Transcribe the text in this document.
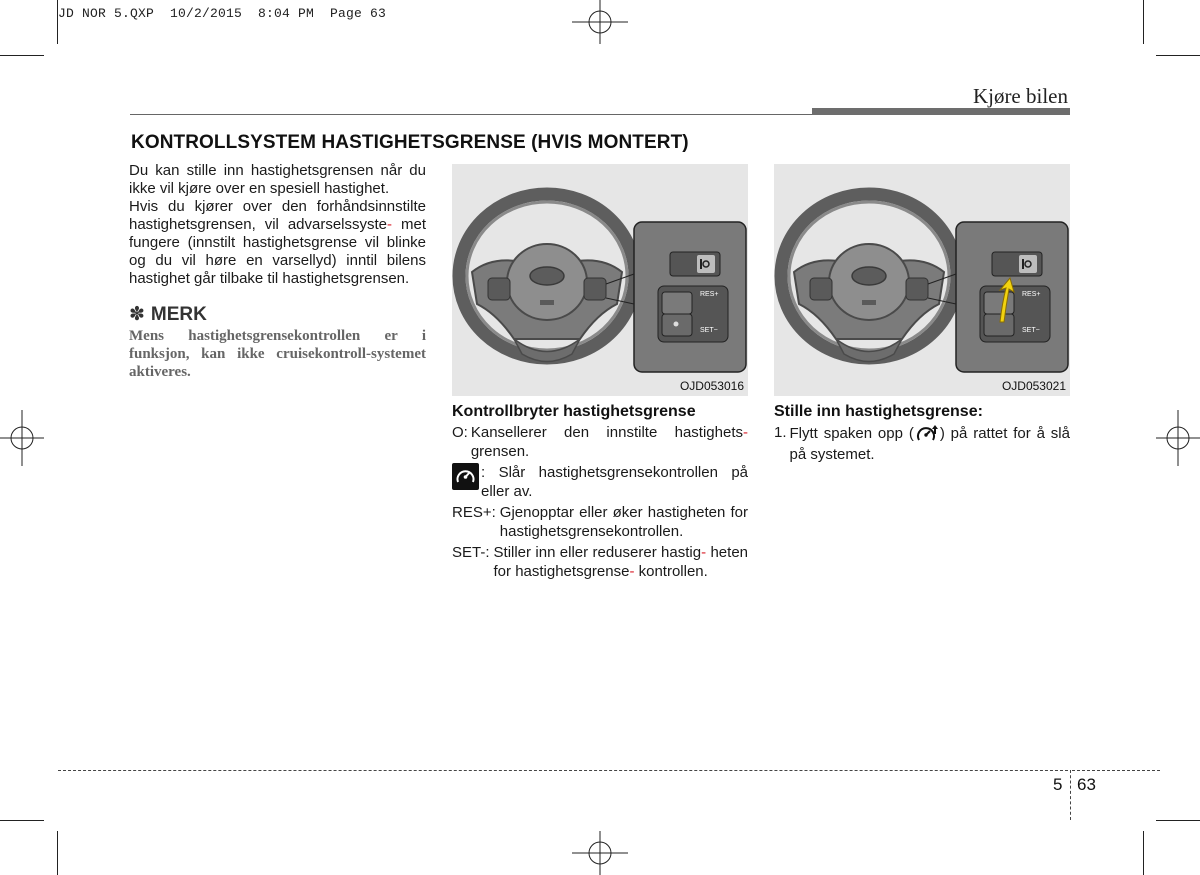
JD NOR 5.QXP  10/2/2015  8:04 PM  Page 63
Kjøre bilen
KONTROLLSYSTEM HASTIGHETSGRENSE (HVIS MONTERT)
Du kan stille inn hastighetsgrensen når du ikke vil kjøre over en spesiell hastighet.
Hvis du kjører over den forhåndsinnstilte hastighetsgrensen, vil advarselssyste- met fungere (innstilt hastighetsgrense vil blinke og du vil høre en varsellyd) inntil bilens hastighet går tilbake til hastighetsgrensen.
✽ MERK
Mens hastighetsgrensekontrollen er i funksjon, kan ikke cruisekontroll-systemet aktiveres.
RES+
SET−
OJD053016
RES+
SET−
OJD053021
Kontrollbryter hastighetsgrense
O: Kansellerer den innstilte hastighets- grensen.
: Slår hastighetsgrensekontrollen på eller av.
RES+: Gjenopptar eller øker hastigheten for hastighetsgrensekontrollen.
SET-: Stiller inn eller reduserer hastig- heten for hastighetsgrense- kontrollen.
Stille inn hastighetsgrense:
1. Flytt spaken opp ( ) på rattet for å slå på systemet.
5 63
